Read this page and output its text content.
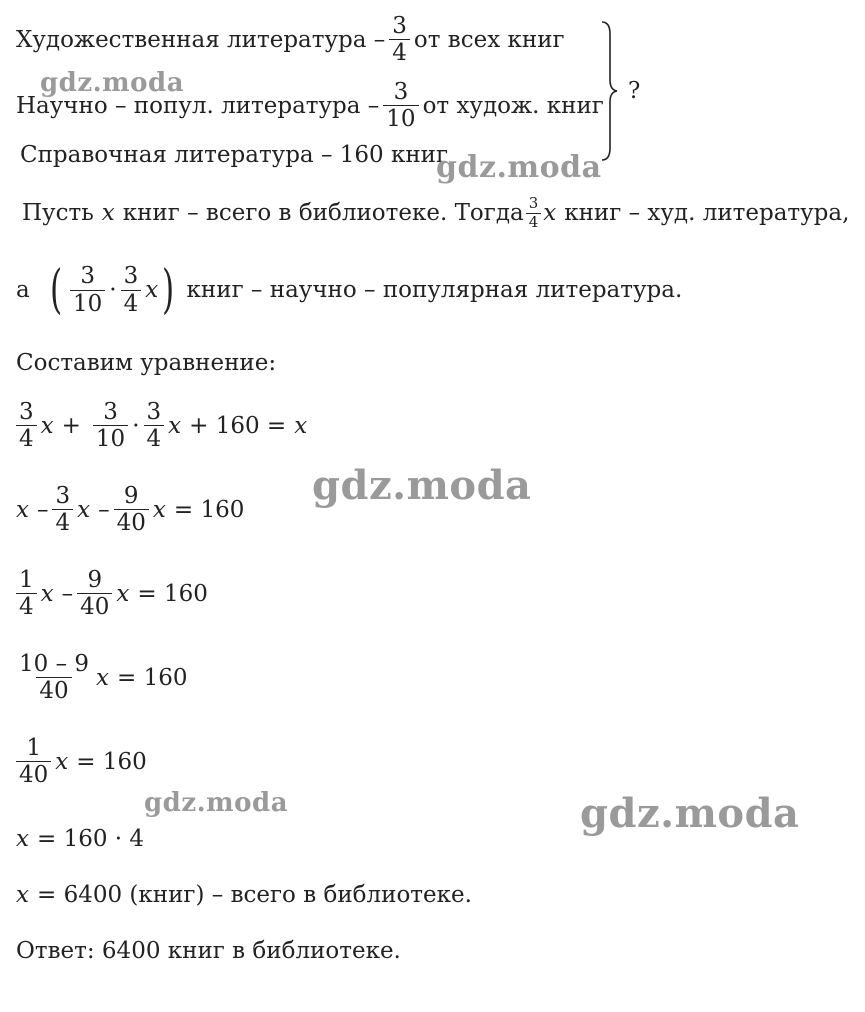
Художественная литература – $\frac{3}{4}$ от всех книг
Научно – попул. литература – $\frac{3}{10}$ от худож. книг
Справочная литература – 160 книг
?
Пусть x книг – всего в библиотеке. Тогда $\frac{3}{4}$ x книг – худ. литература,
а ( $\frac{3}{10} \cdot \frac{3}{4}$ x ) книг – научно – популярная литература.
Составим уравнение:
$\frac{3}{4}$ $x + \frac{3}{10} \cdot \frac{3}{4}$ x + 160 = x
x – $\frac{3}{4}$ x – $\frac{9}{40}$ x = 160
$\frac{1}{4}$ x – $\frac{9}{40}$ x = 160
$\frac{10 - 9}{40}$ x = 160
$\frac{1}{40}$ x = 160
x = 160 · 4
x = 6400 (книг) – всего в библиотеке.
Ответ: 6400 книг в библиотеке.
gdz.moda
gdz.moda
gdz.moda
gdz.moda	gdz.moda
